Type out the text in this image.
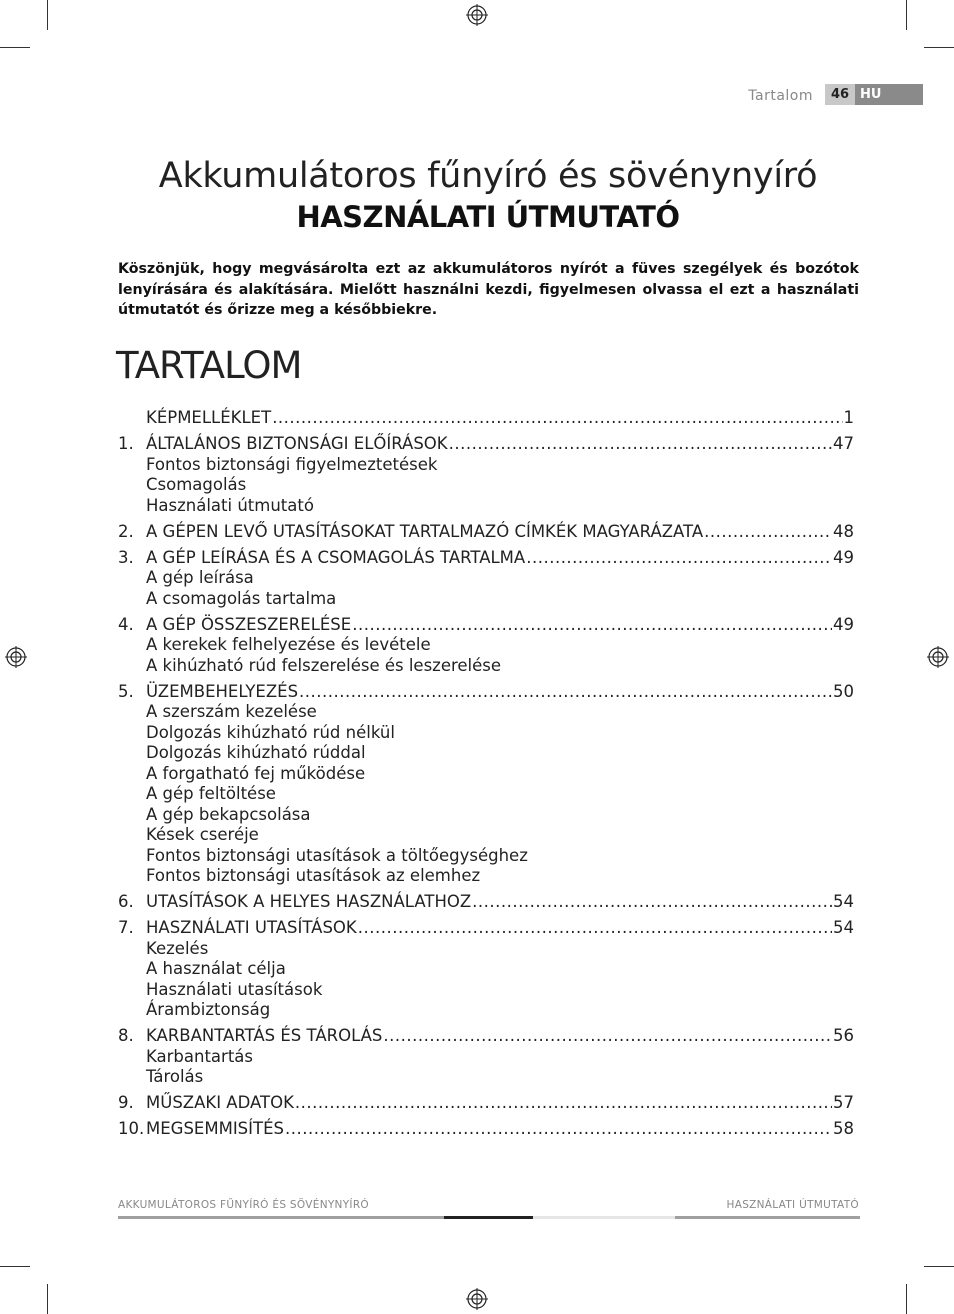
Tartalom	46 HU
Akkumulátoros fűnyíró és sövénynyíró
HASZNÁLATI ÚTMUTATÓ

Köszönjük, hogy megvásárolta ezt az akkumulátoros nyírót a füves szegélyek és bozótok lenyírására és alakítására. Mielőtt használni kezdi, figyelmesen olvassa el ezt a használati útmutatót és őrizze meg a későbbiekre.

TARTALOM
KÉPMELLÉKLET .....	1
1. ÁLTALÁNOS BIZTONSÁGI ELŐÍRÁSOK .....	47
Fontos biztonsági figyelmeztetések
Csomagolás
Használati útmutató
2. A GÉPEN LEVŐ UTASÍTÁSOKAT TARTALMAZÓ CÍMKÉK MAGYARÁZATA .....	48
3. A GÉP LEÍRÁSA ÉS A CSOMAGOLÁS TARTALMA .....	49
A gép leírása
A csomagolás tartalma
4. A GÉP ÖSSZESZERELÉSE .....	49
A kerekek felhelyezése és levétele
A kihúzható rúd felszerelése és leszerelése
5. ÜZEMBEHELYEZÉS .....	50
A szerszám kezelése
Dolgozás kihúzható rúd nélkül
Dolgozás kihúzható rúddal
A forgatható fej működése
A gép feltöltése
A gép bekapcsolása
Kések cseréje
Fontos biztonsági utasítások a töltőegységhez
Fontos biztonsági utasítások az elemhez
6. UTASÍTÁSOK A HELYES HASZNÁLATHOZ .....	54
7. HASZNÁLATI UTASÍTÁSOK .....	54
Kezelés
A használat célja
Használati utasítások
Árambiztonság
8. KARBANTARTÁS ÉS TÁROLÁS .....	56
Karbantartás
Tárolás
9. MŰSZAKI ADATOK .....	57
10. MEGSEMMISÍTÉS .....	58
AKKUMULÁTOROS FŰNYÍRÓ ÉS SÖVÉNYNYÍRÓ	HASZNÁLATI ÚTMUTATÓ
